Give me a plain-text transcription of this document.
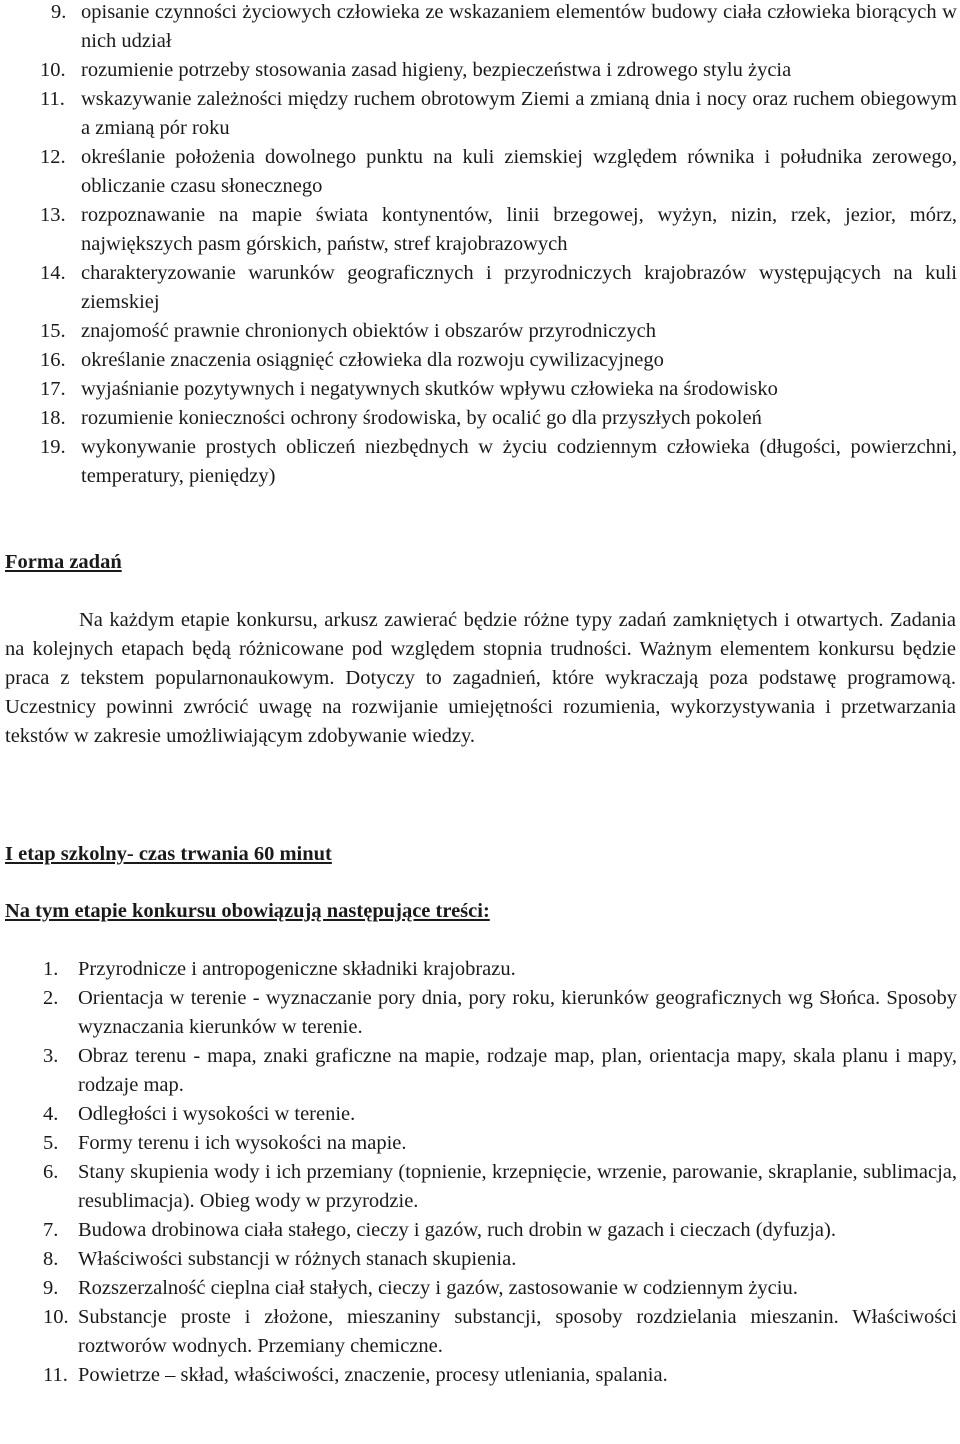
9. opisanie czynności życiowych człowieka ze wskazaniem elementów budowy ciała człowieka biorących w nich udział
10. rozumienie potrzeby stosowania zasad higieny, bezpieczeństwa i zdrowego stylu życia
11. wskazywanie zależności między ruchem obrotowym Ziemi a zmianą dnia i nocy oraz ruchem obiegowym a zmianą pór roku
12. określanie położenia dowolnego punktu na kuli ziemskiej względem równika i południka zerowego, obliczanie czasu słonecznego
13. rozpoznawanie na mapie świata kontynentów, linii brzegowej, wyżyn, nizin, rzek, jezior, mórz, największych pasm górskich, państw, stref krajobrazowych
14. charakteryzowanie warunków geograficznych i przyrodniczych krajobrazów występujących na kuli ziemskiej
15. znajomość prawnie chronionych obiektów i obszarów przyrodniczych
16. określanie znaczenia osiągnięć człowieka dla rozwoju cywilizacyjnego
17. wyjaśnianie pozytywnych i negatywnych skutków wpływu człowieka na środowisko
18. rozumienie konieczności ochrony środowiska, by ocalić go dla przyszłych pokoleń
19. wykonywanie prostych obliczeń niezbędnych w życiu codziennym człowieka (długości, powierzchni, temperatury, pieniędzy)
Forma zadań

Na każdym etapie konkursu, arkusz zawierać będzie różne typy zadań zamkniętych i otwartych. Zadania na kolejnych etapach będą różnicowane pod względem stopnia trudności. Ważnym elementem konkursu będzie praca z tekstem popularnonaukowym. Dotyczy to zagadnień, które wykraczają poza podstawę programową. Uczestnicy powinni zwrócić uwagę na rozwijanie umiejętności rozumienia, wykorzystywania i przetwarzania tekstów w zakresie umożliwiającym zdobywanie wiedzy.

I etap szkolny- czas trwania 60 minut
Na tym etapie konkursu obowiązują następujące treści:
1. Przyrodnicze i antropogeniczne składniki krajobrazu.
2. Orientacja w terenie - wyznaczanie pory dnia, pory roku, kierunków geograficznych wg Słońca. Sposoby wyznaczania kierunków w terenie.
3. Obraz terenu - mapa, znaki graficzne na mapie, rodzaje map, plan, orientacja mapy, skala planu i mapy, rodzaje map.
4. Odległości i wysokości w terenie.
5. Formy terenu i ich wysokości na mapie.
6. Stany skupienia wody i ich przemiany (topnienie, krzepnięcie, wrzenie, parowanie, skraplanie, sublimacja, resublimacja). Obieg wody w przyrodzie.
7. Budowa drobinowa ciała stałego, cieczy i gazów, ruch drobin w gazach i cieczach (dyfuzja).
8. Właściwości substancji w różnych stanach skupienia.
9. Rozszerzalność cieplna ciał stałych, cieczy i gazów, zastosowanie w codziennym życiu.
10. Substancje proste i złożone, mieszaniny substancji, sposoby rozdzielania mieszanin. Właściwości roztworów wodnych. Przemiany chemiczne.
11. Powietrze – skład, właściwości, znaczenie, procesy utleniania, spalania.
